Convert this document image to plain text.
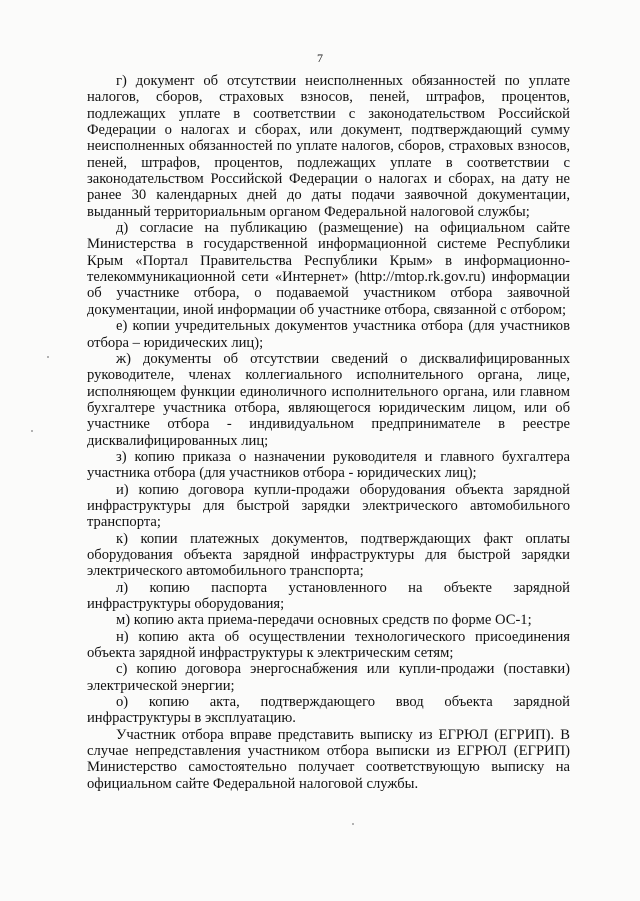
7

г) документ об отсутствии неисполненных обязанностей по уплате налогов, сборов, страховых взносов, пеней, штрафов, процентов, подлежащих уплате в соответствии с законодательством Российской Федерации о налогах и сборах, или документ, подтверждающий сумму неисполненных обязанностей по уплате налогов, сборов, страховых взносов, пеней, штрафов, процентов, подлежащих уплате в соответствии с законодательством Российской Федерации о налогах и сборах, на дату не ранее 30 календарных дней до даты подачи заявочной документации, выданный территориальным органом Федеральной налоговой службы;

д) согласие на публикацию (размещение) на официальном сайте Министерства в государственной информационной системе Республики Крым «Портал Правительства Республики Крым» в информационно-телекоммуникационной сети «Интернет» (http://mtop.rk.gov.ru) информации об участнике отбора, о подаваемой участником отбора заявочной документации, иной информации об участнике отбора, связанной с отбором;

е) копии учредительных документов участника отбора (для участников отбора – юридических лиц);

ж) документы об отсутствии сведений о дисквалифицированных руководителе, членах коллегиального исполнительного органа, лице, исполняющем функции единоличного исполнительного органа, или главном бухгалтере участника отбора, являющегося юридическим лицом, или об участнике отбора - индивидуальном предпринимателе в реестре дисквалифицированных лиц;

з) копию приказа о назначении руководителя и главного бухгалтера участника отбора (для участников отбора - юридических лиц);

и) копию договора купли-продажи оборудования объекта зарядной инфраструктуры для быстрой зарядки электрического автомобильного транспорта;

к) копии платежных документов, подтверждающих факт оплаты оборудования объекта зарядной инфраструктуры для быстрой зарядки электрического автомобильного транспорта;

л) копию паспорта установленного на объекте зарядной инфраструктуры оборудования;

м) копию акта приема-передачи основных средств по форме ОС-1;

н) копию акта об осуществлении технологического присоединения объекта зарядной инфраструктуры к электрическим сетям;

с) копию договора энергоснабжения или купли-продажи (поставки) электрической энергии;

о) копию акта, подтверждающего ввод объекта зарядной инфраструктуры в эксплуатацию.

Участник отбора вправе представить выписку из ЕГРЮЛ (ЕГРИП). В случае непредставления участником отбора выписки из ЕГРЮЛ (ЕГРИП) Министерство самостоятельно получает соответствующую выписку на официальном сайте Федеральной налоговой службы.
